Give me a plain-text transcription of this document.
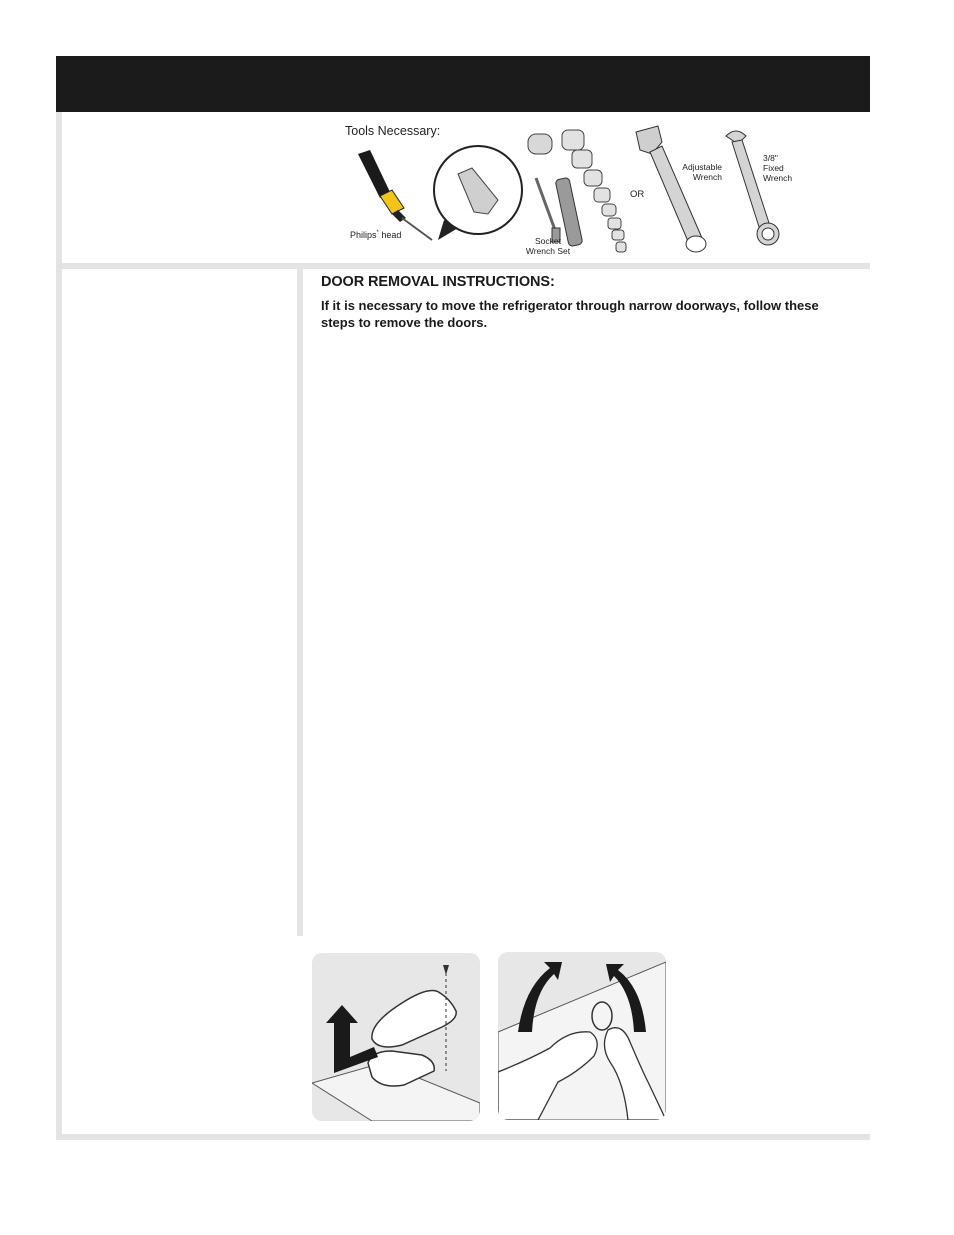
Tools Necessary:
Philips* head
Socket
Wrench Set
OR
Adjustable
Wrench
3/8"
Fixed
Wrench
DOOR REMOVAL INSTRUCTIONS:
If it is necessary to move the refrigerator through narrow doorways, follow these steps to remove the doors.
